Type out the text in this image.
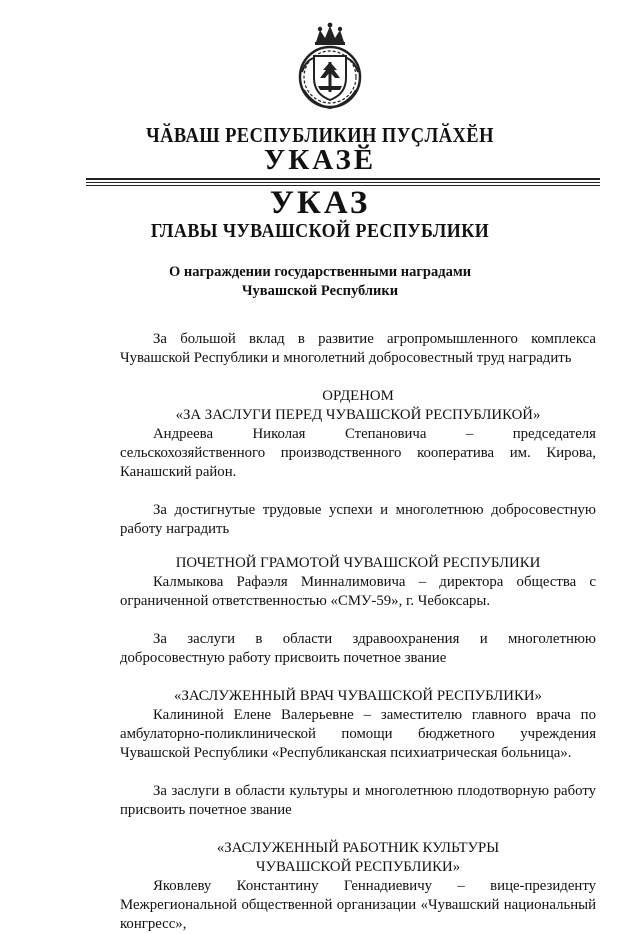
ЧӐВАШ РЕСПУБЛИКИН ПУҪЛӐХӖН
УКАЗӖ
УКАЗ
ГЛАВЫ ЧУВАШСКОЙ РЕСПУБЛИКИ
О награждении государственными наградами
Чувашской Республики

За большой вклад в развитие агропромышленного комплекса Чувашской Республики и многолетний добросовестный труд наградить

ОРДЕНОМ
«ЗА ЗАСЛУГИ ПЕРЕД ЧУВАШСКОЙ РЕСПУБЛИКОЙ»

Андреева Николая Степановича – председателя сельскохозяйственного производственного кооператива им. Кирова, Канашский район.

За достигнутые трудовые успехи и многолетнюю добросовестную работу наградить

ПОЧЕТНОЙ ГРАМОТОЙ ЧУВАШСКОЙ РЕСПУБЛИКИ

Калмыкова Рафаэля Минналимовича – директора общества с ограниченной ответственностью «СМУ-59», г. Чебоксары.

За заслуги в области здравоохранения и многолетнюю добросовестную работу присвоить почетное звание

«ЗАСЛУЖЕННЫЙ ВРАЧ ЧУВАШСКОЙ РЕСПУБЛИКИ»

Калининой Елене Валерьевне – заместителю главного врача по амбулаторно-поликлинической помощи бюджетного учреждения Чувашской Республики «Республиканская психиатрическая больница».

За заслуги в области культуры и многолетнюю плодотворную работу присвоить почетное звание

«ЗАСЛУЖЕННЫЙ РАБОТНИК КУЛЬТУРЫ
ЧУВАШСКОЙ РЕСПУБЛИКИ»

Яковлеву Константину Геннадиевичу – вице-президенту Межрегиональной общественной организации «Чувашский национальный конгресс»,
